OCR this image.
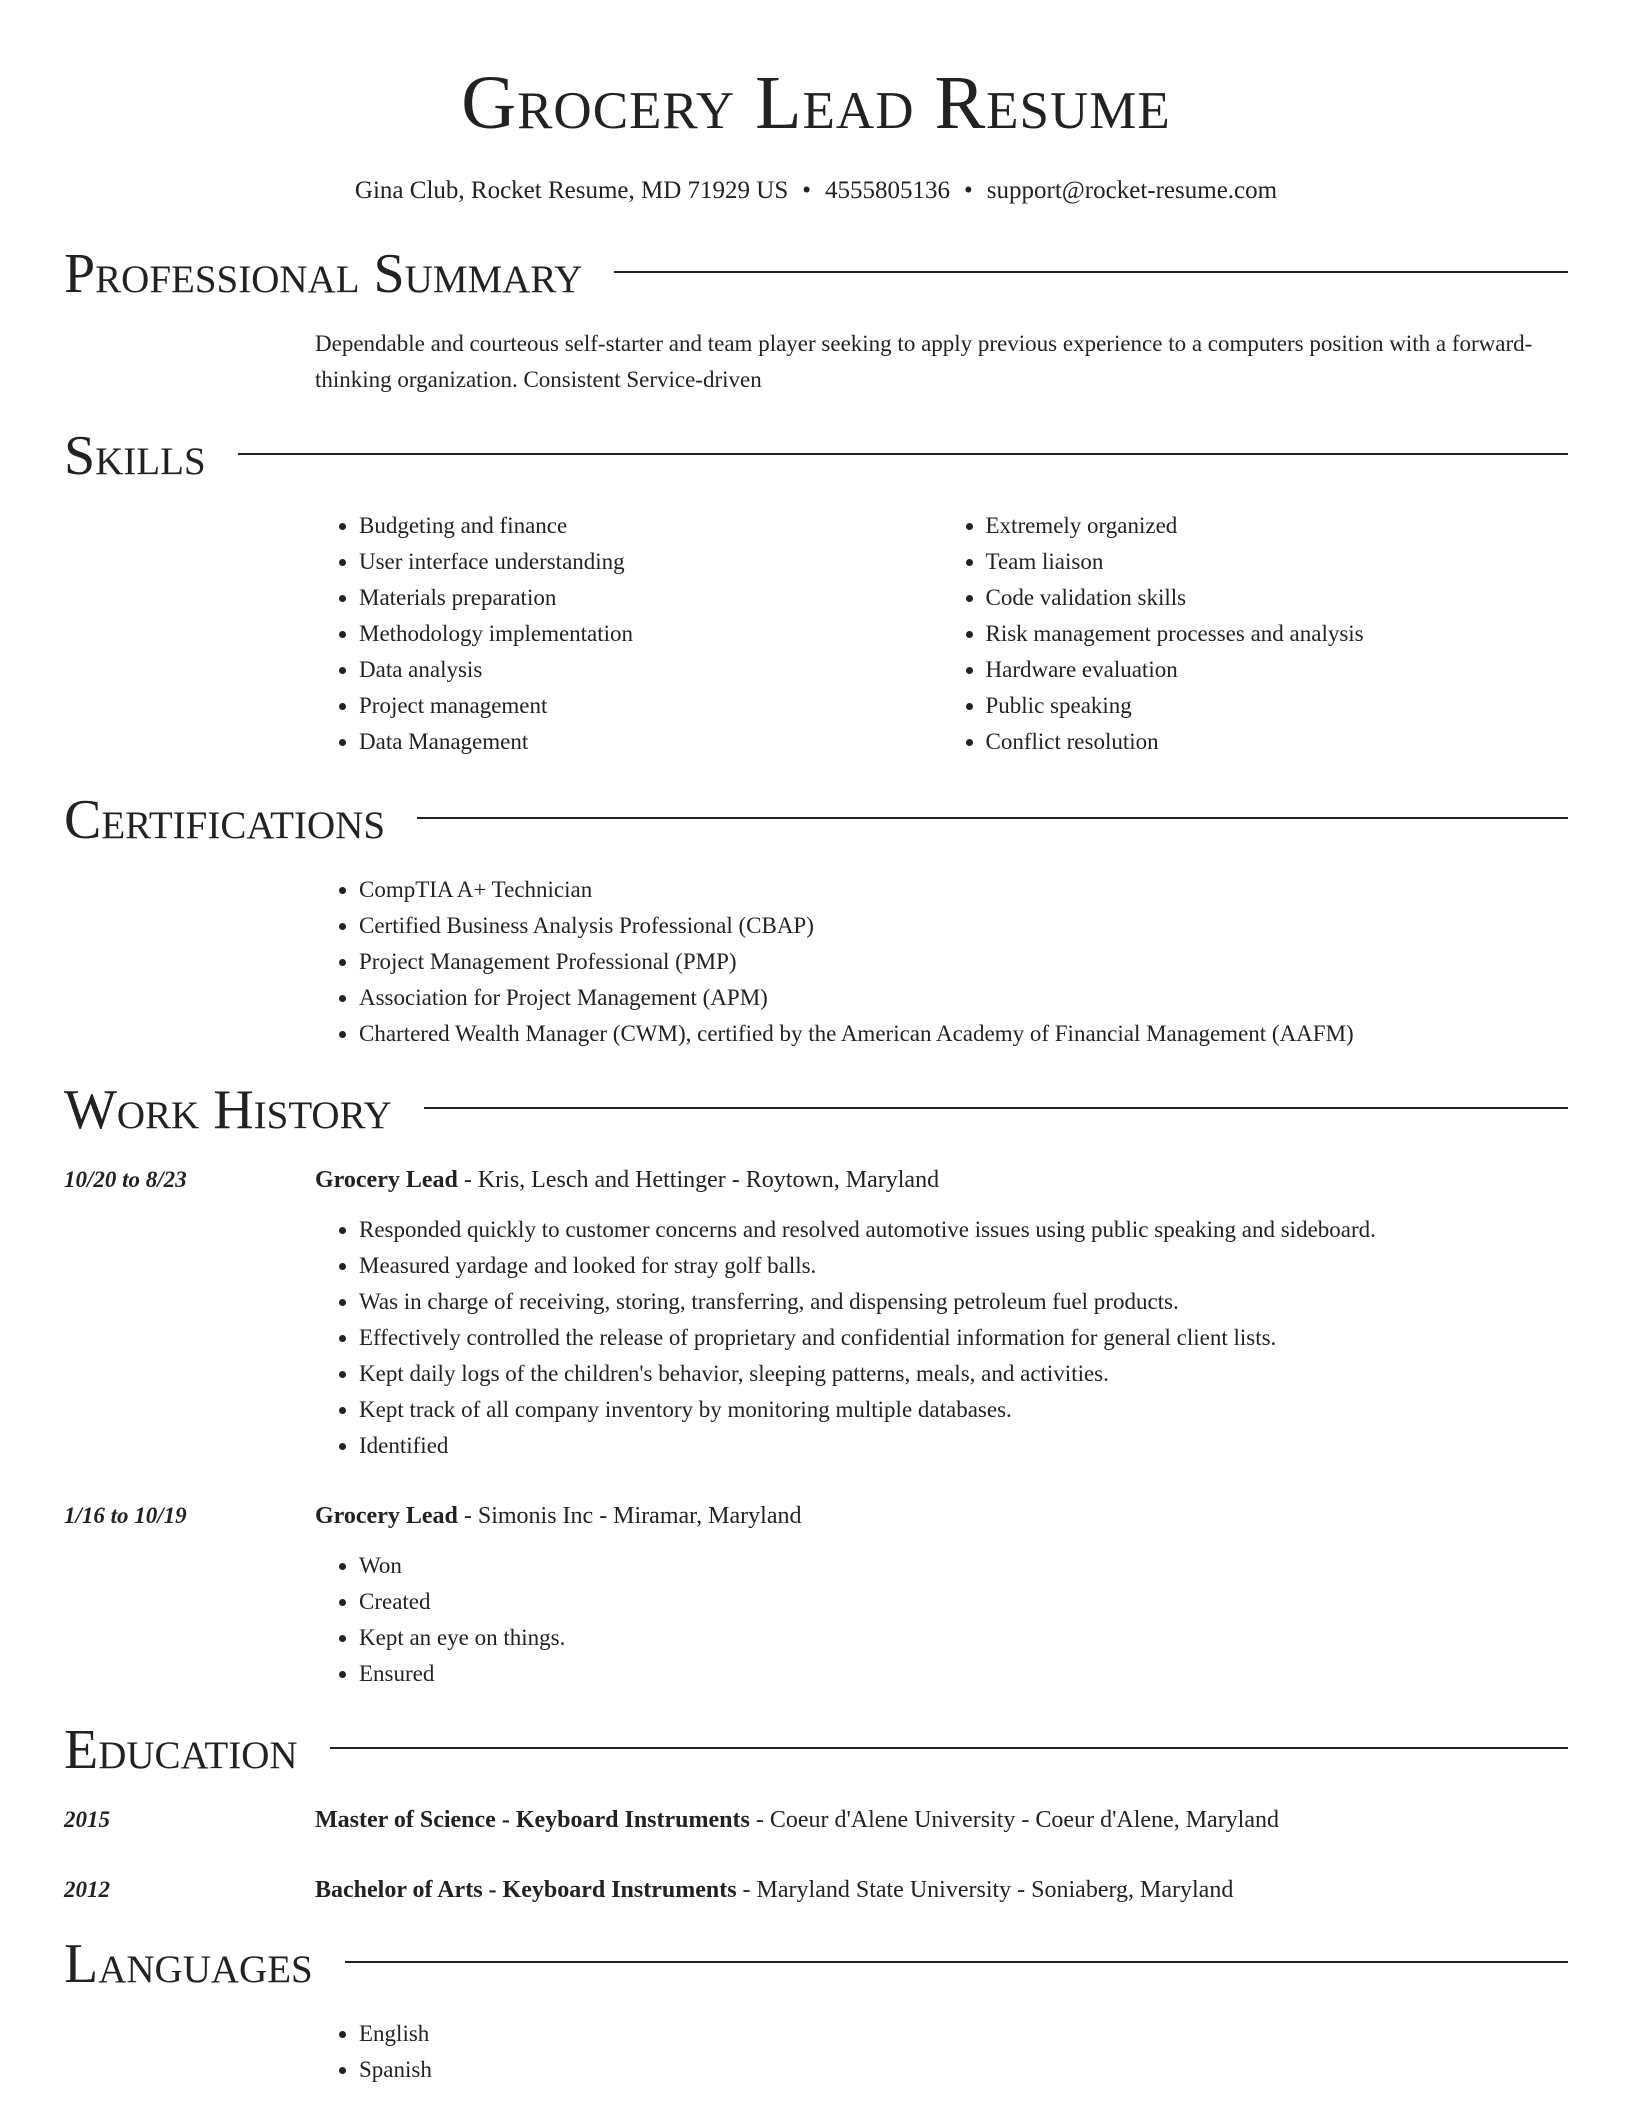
Grocery Lead Resume
Gina Club, Rocket Resume, MD 71929 US • 4555805136 • support@rocket-resume.com
Professional Summary
Dependable and courteous self-starter and team player seeking to apply previous experience to a computers position with a forward-thinking organization. Consistent Service-driven
Skills
• Budgeting and finance
• User interface understanding
• Materials preparation
• Methodology implementation
• Data analysis
• Project management
• Data Management
• Extremely organized
• Team liaison
• Code validation skills
• Risk management processes and analysis
• Hardware evaluation
• Public speaking
• Conflict resolution
Certifications
• CompTIA A+ Technician
• Certified Business Analysis Professional (CBAP)
• Project Management Professional (PMP)
• Association for Project Management (APM)
• Chartered Wealth Manager (CWM), certified by the American Academy of Financial Management (AAFM)
Work History
10/20 to 8/23	Grocery Lead - Kris, Lesch and Hettinger - Roytown, Maryland
• Responded quickly to customer concerns and resolved automotive issues using public speaking and sideboard.
• Measured yardage and looked for stray golf balls.
• Was in charge of receiving, storing, transferring, and dispensing petroleum fuel products.
• Effectively controlled the release of proprietary and confidential information for general client lists.
• Kept daily logs of the children's behavior, sleeping patterns, meals, and activities.
• Kept track of all company inventory by monitoring multiple databases.
• Identified
1/16 to 10/19	Grocery Lead - Simonis Inc - Miramar, Maryland
• Won
• Created
• Kept an eye on things.
• Ensured
Education
2015	Master of Science - Keyboard Instruments - Coeur d'Alene University - Coeur d'Alene, Maryland
2012	Bachelor of Arts - Keyboard Instruments - Maryland State University - Soniaberg, Maryland
Languages
• English
• Spanish
